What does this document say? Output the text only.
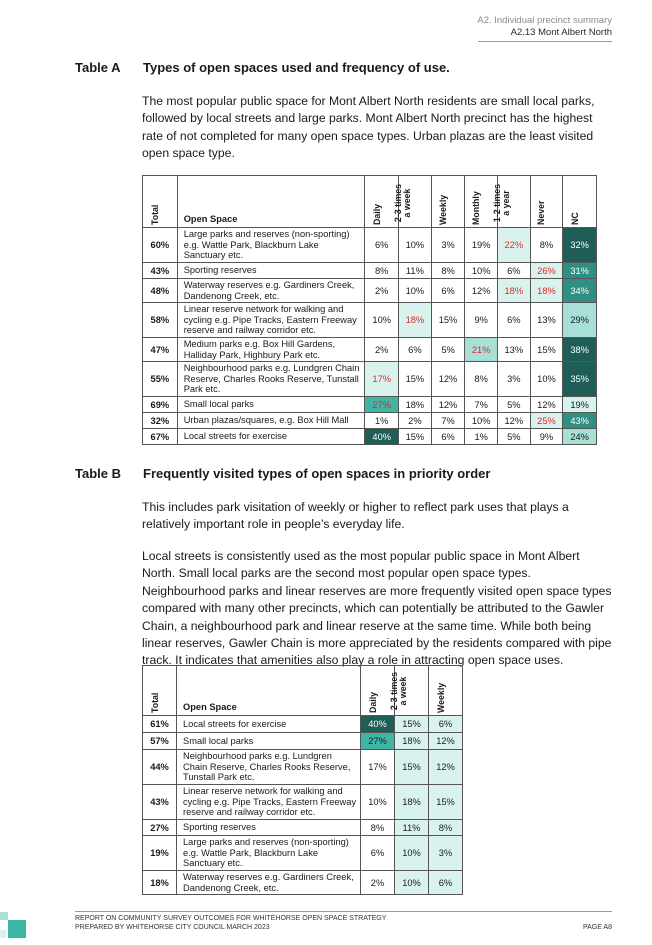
A2. Individual precinct summary
A2.13 Mont Albert North
Table A Types of open spaces used and frequency of use.

The most popular public space for Mont Albert North residents are small local parks, followed by local streets and large parks. Mont Albert North precinct has the highest rate of not completed for many open space types. Urban plazas are the least visited open space type.

Total	Open Space	Daily	2-3 times a week	Weekly	Monthly	1-2 times a year	Never	NC

60%	Large parks and reserves (non-sporting) e.g. Wattle Park, Blackburn Lake Sanctuary etc.	6%	10%	3%	19%	22%	8%	32%
43%	Sporting reserves	8%	11%	8%	10%	6%	26%	31%
48%	Waterway reserves e.g. Gardiners Creek, Dandenong Creek, etc.	2%	10%	6%	12%	18%	18%	34%
58%	Linear reserve network for walking and cycling e.g. Pipe Tracks, Eastern Freeway reserve and railway corridor etc.	10%	18%	15%	9%	6%	13%	29%
47%	Medium parks e.g. Box Hill Gardens, Halliday Park, Highbury Park etc.	2%	6%	5%	21%	13%	15%	38%
55%	Neighbourhood parks e.g. Lundgren Chain Reserve, Charles Rooks Reserve, Tunstall Park etc.	17%	15%	12%	8%	3%	10%	35%
69%	Small local parks	27%	18%	12%	7%	5%	12%	19%
32%	Urban plazas/squares, e.g. Box Hill Mall	1%	2%	7%	10%	12%	25%	43%
67%	Local streets for exercise	40%	15%	6%	1%	5%	9%	24%
Table B Frequently visited types of open spaces in priority order

This includes park visitation of weekly or higher to reflect park uses that plays a relatively important role in people’s everyday life.

Local streets is consistently used as the most popular public space in Mont Albert North. Small local parks are the second most popular open space types. Neighbourhood parks and linear reserves are more frequently visited open space types compared with many other precincts, which can potentially be attributed to the Gawler Chain, a neighbourhood park and linear reserve at the same time. While both being linear reserves, Gawler Chain is more appreciated by the residents compared with pipe track. It indicates that amenities also play a role in attracting open space uses.

Total	Open Space	Daily	2-3 times a week	Weekly

61%	Local streets for exercise	40%	15%	6%
57%	Small local parks	27%	18%	12%
44%	Neighbourhood parks e.g. Lundgren Chain Reserve, Charles Rooks Reserve, Tunstall Park etc.	17%	15%	12%
43%	Linear reserve network for walking and cycling e.g. Pipe Tracks, Eastern Freeway reserve and railway corridor etc.	10%	18%	15%
27%	Sporting reserves	8%	11%	8%
19%	Large parks and reserves (non-sporting) e.g. Wattle Park, Blackburn Lake Sanctuary etc.	6%	10%	3%
18%	Waterway reserves e.g. Gardiners Creek, Dandenong Creek, etc.	2%	10%	6%
REPORT ON COMMUNITY SURVEY OUTCOMES FOR WHITEHORSE OPEN SPACE STRATEGY
PREPARED BY WHITEHORSE CITY COUNCIL MARCH 2023	PAGE A8
